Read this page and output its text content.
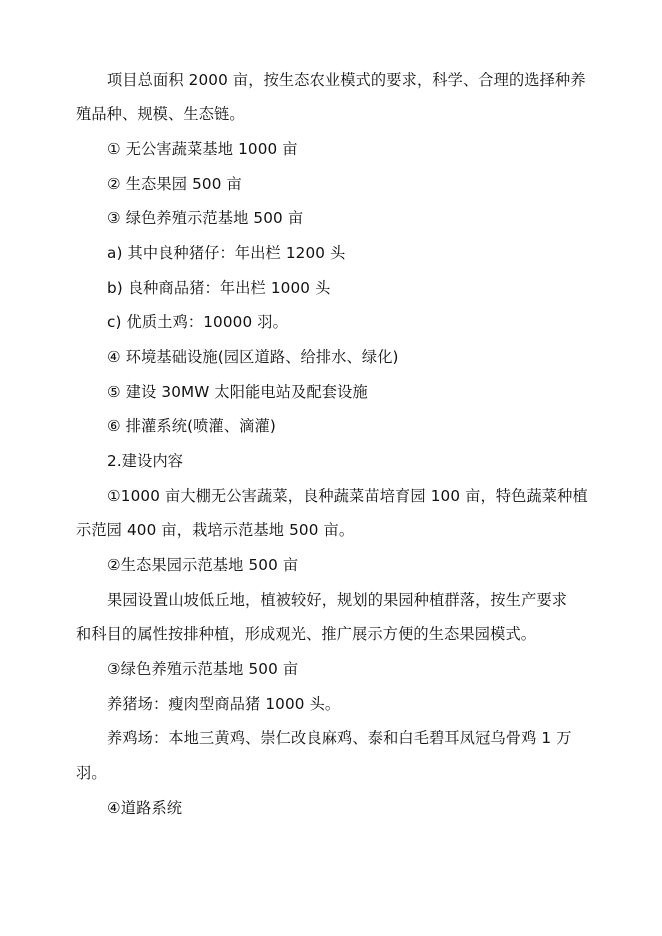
项目总面积 2000 亩，按生态农业模式的要求，科学、合理的选择种养
殖品种、规模、生态链。
① 无公害蔬菜基地 1000 亩
② 生态果园 500 亩
③ 绿色养殖示范基地 500 亩
a) 其中良种猪仔：年出栏 1200 头
b) 良种商品猪：年出栏 1000 头
c) 优质土鸡：10000 羽。
④ 环境基础设施(园区道路、给排水、绿化)
⑤ 建设 30MW 太阳能电站及配套设施
⑥ 排灌系统(喷灌、滴灌)
2.建设内容
①1000 亩大棚无公害蔬菜，良种蔬菜苗培育园 100 亩，特色蔬菜种植
示范园 400 亩，栽培示范基地 500 亩。
②生态果园示范基地 500 亩
果园设置山坡低丘地，植被较好，规划的果园种植群落，按生产要求
和科目的属性按排种植，形成观光、推广展示方便的生态果园模式。
③绿色养殖示范基地 500 亩
养猪场：瘦肉型商品猪 1000 头。
养鸡场：本地三黄鸡、崇仁改良麻鸡、泰和白毛碧耳凤冠乌骨鸡 1 万
羽。
④道路系统
